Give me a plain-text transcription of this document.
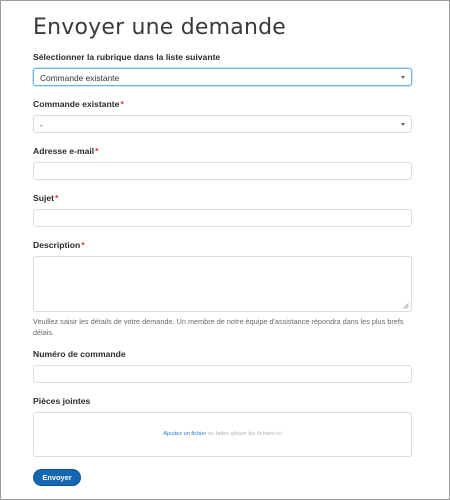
Envoyer une demande
Sélectionner la rubrique dans la liste suivante
Commande existante
Commande existante*
-
Adresse e-mail*
Sujet*
Description*
Veuillez saisir les détails de votre demande. Un membre de notre équipe d'assistance répondra dans les plus brefs délais.
Numéro de commande
Pièces jointes
Ajoutez un fichier ou faites glisser les fichiers ici
Envoyer
